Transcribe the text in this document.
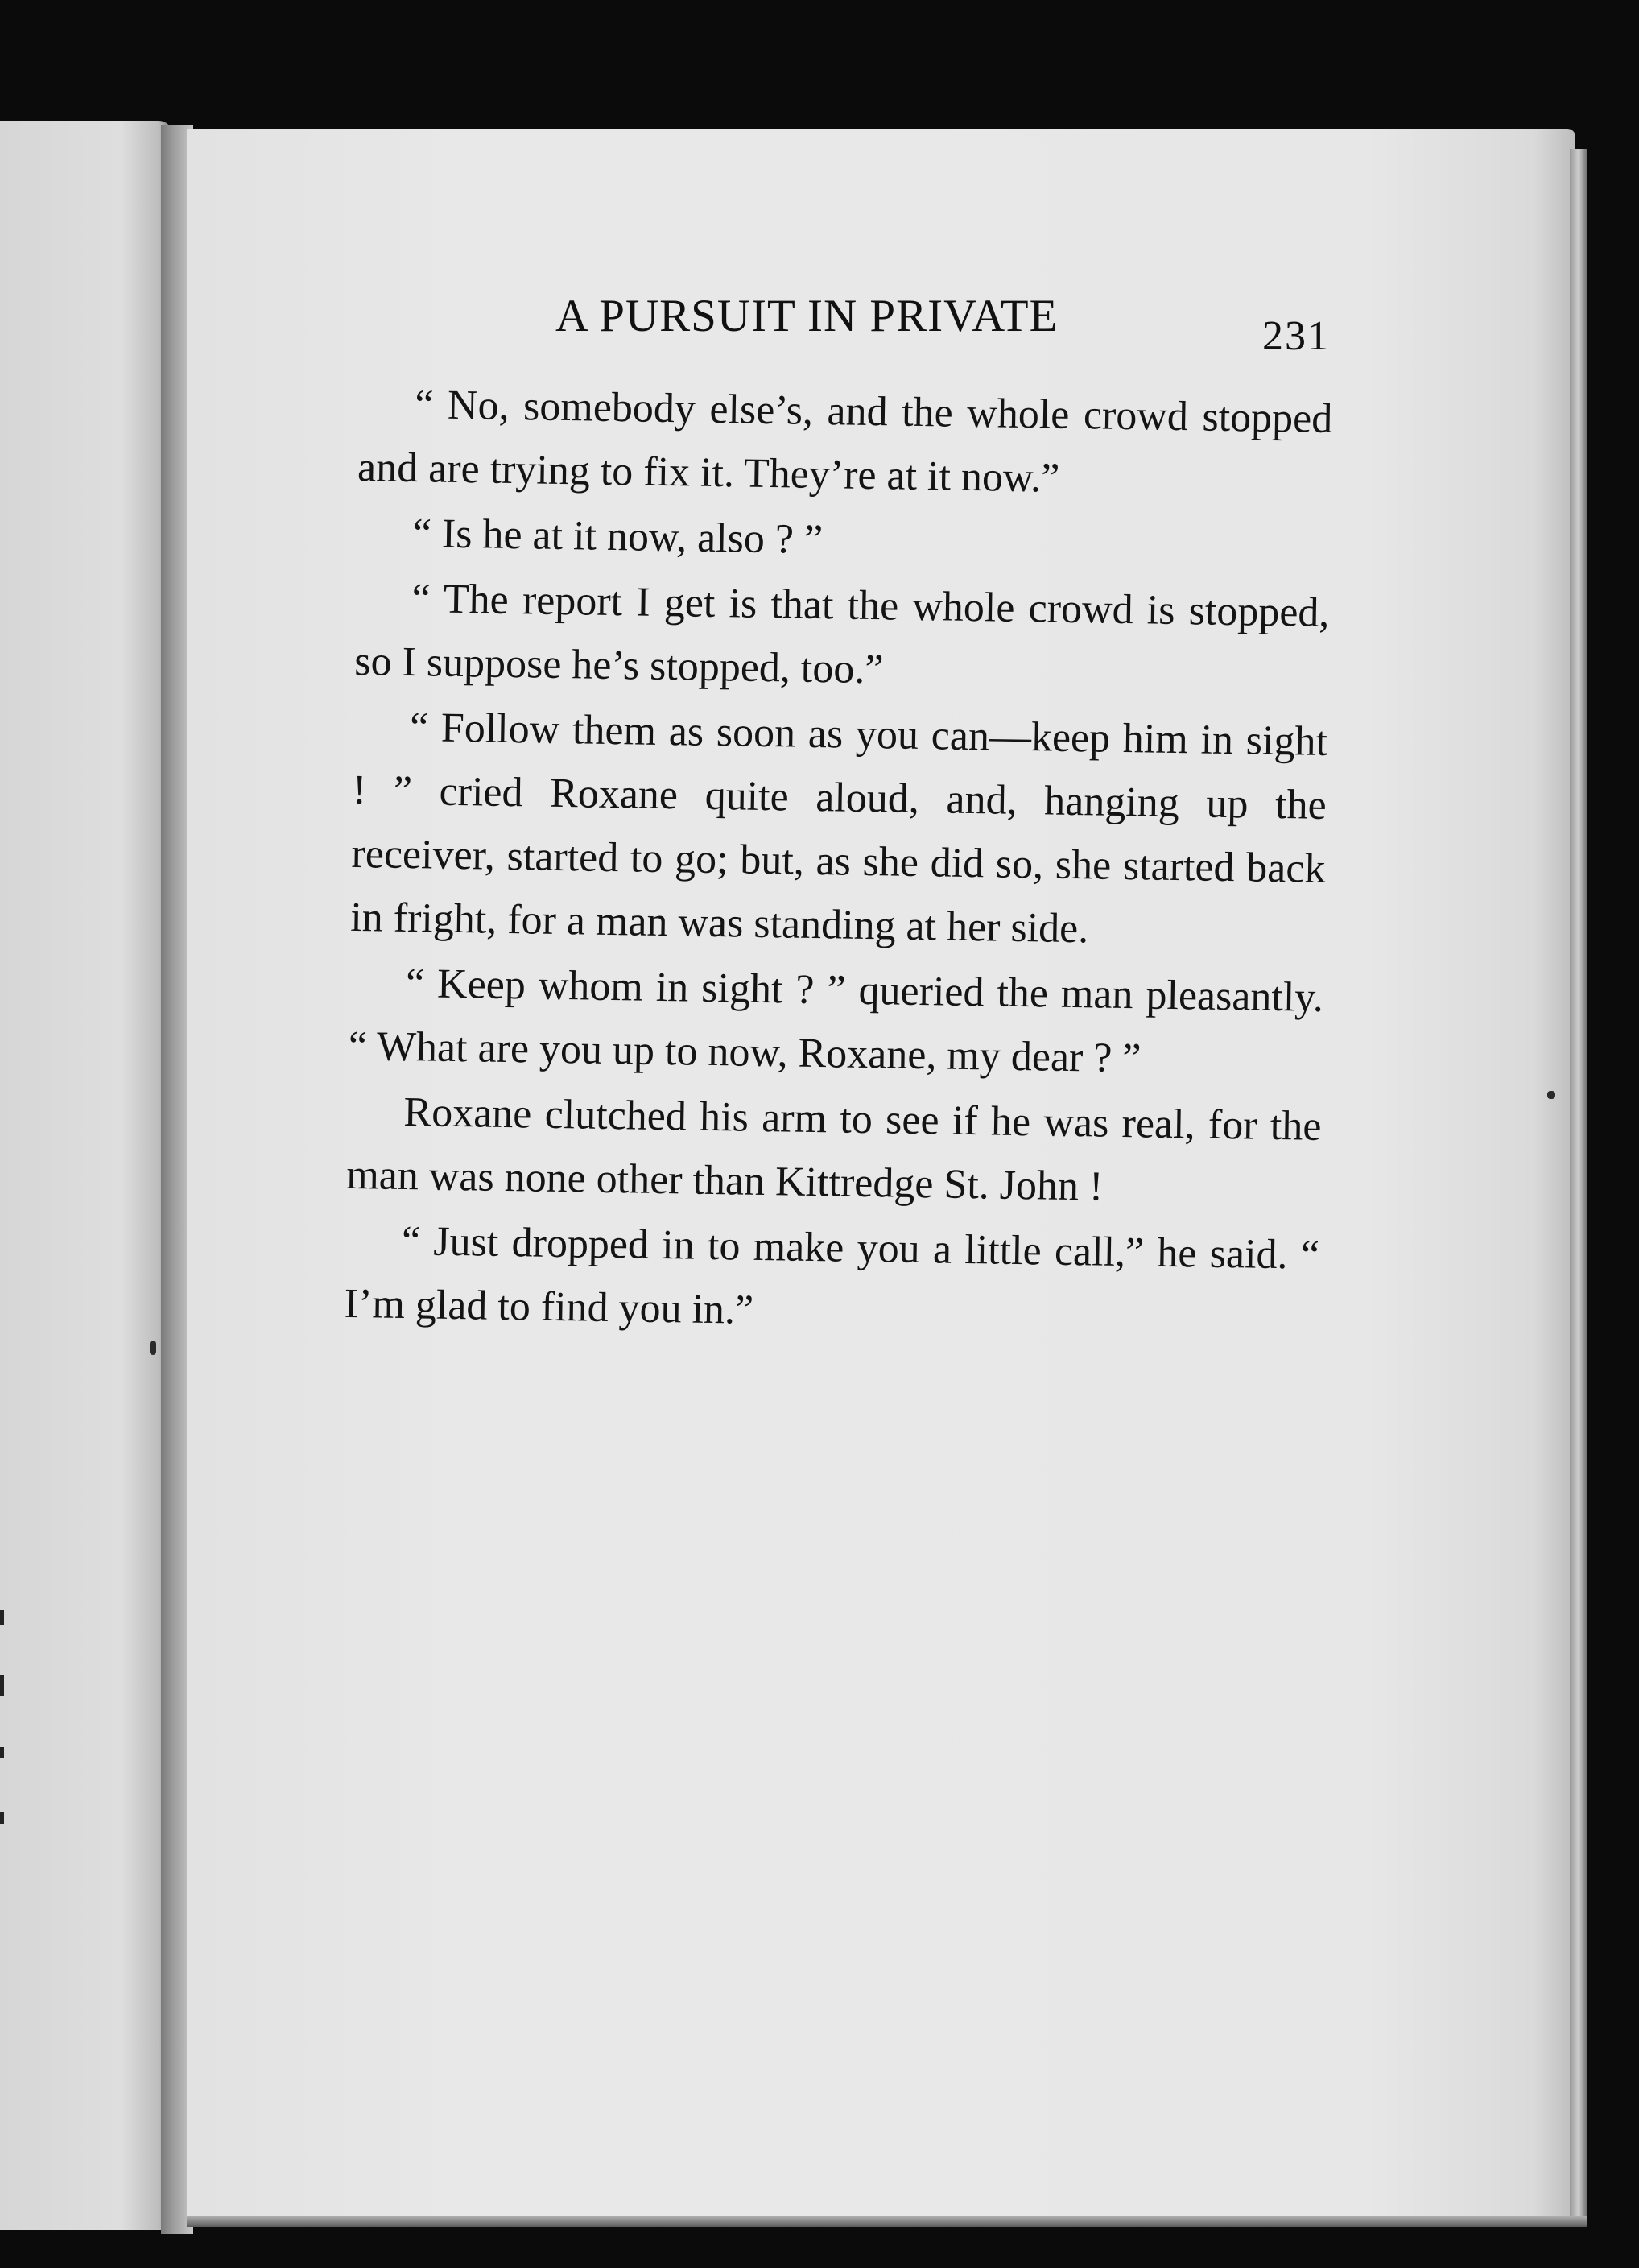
A PURSUIT IN PRIVATE	231

“ No, somebody else’s, and the whole crowd stopped and are trying to fix it. They’re at it now.”

“ Is he at it now, also ? ”

“ The report I get is that the whole crowd is stopped, so I suppose he’s stopped, too.”

“ Follow them as soon as you can—keep him in sight ! ” cried Roxane quite aloud, and, hanging up the receiver, started to go; but, as she did so, she started back in fright, for a man was standing at her side.

“ Keep whom in sight ? ” queried the man pleasantly. “ What are you up to now, Roxane, my dear ? ”

Roxane clutched his arm to see if he was real, for the man was none other than Kittredge St. John !

“ Just dropped in to make you a little call,” he said. “ I’m glad to find you in.”
